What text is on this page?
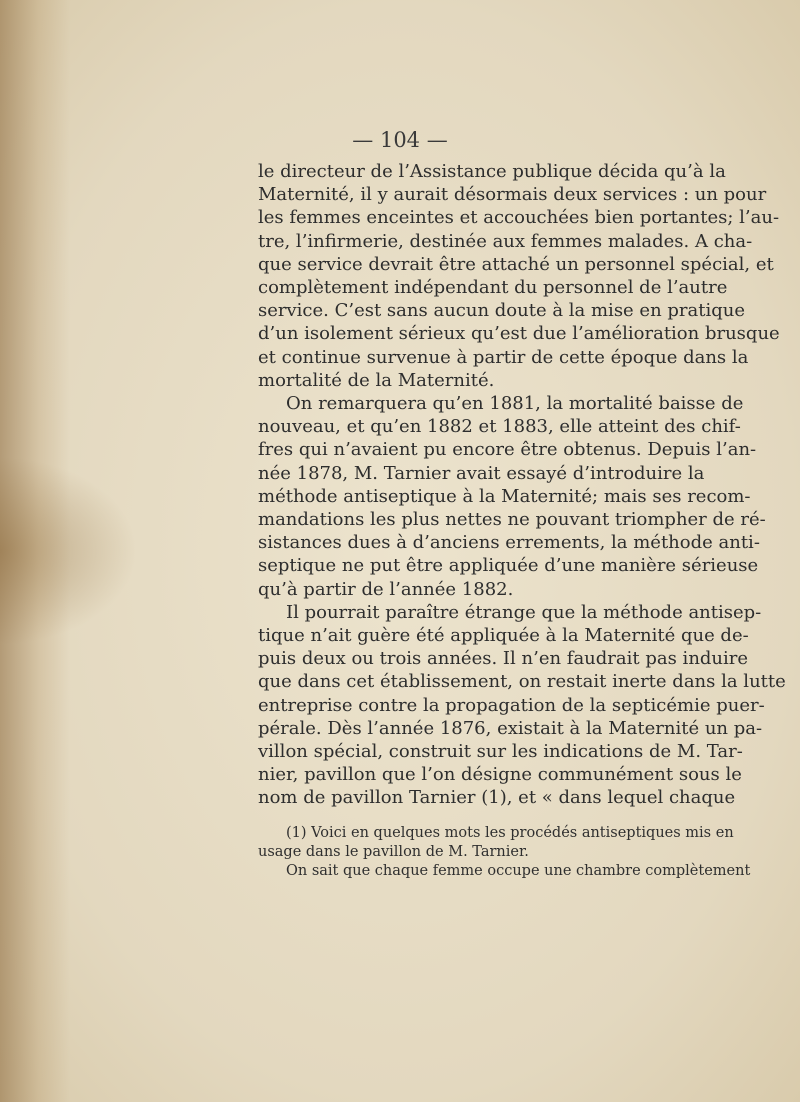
— 104 —

le directeur de l’Assistance publique décida qu’à la
Maternité, il y aurait désormais deux services : un pour
les femmes enceintes et accouchées bien portantes; l’au-
tre, l’infirmerie, destinée aux femmes malades. A cha-
que service devrait être attaché un personnel spécial, et
complètement indépendant du personnel de l’autre
service. C’est sans aucun doute à la mise en pratique
d’un isolement sérieux qu’est due l’amélioration brusque
et continue survenue à partir de cette époque dans la
mortalité de la Maternité.

On remarquera qu’en 1881, la mortalité baisse de
nouveau, et qu’en 1882 et 1883, elle atteint des chif-
fres qui n’avaient pu encore être obtenus. Depuis l’an-
née 1878, M. Tarnier avait essayé d’introduire la
méthode antiseptique à la Maternité; mais ses recom-
mandations les plus nettes ne pouvant triompher de ré-
sistances dues à d’anciens errements, la méthode anti-
septique ne put être appliquée d’une manière sérieuse
qu’à partir de l’année 1882.

Il pourrait paraître étrange que la méthode antisep-
tique n’ait guère été appliquée à la Maternité que de-
puis deux ou trois années. Il n’en faudrait pas induire
que dans cet établissement, on restait inerte dans la lutte
entreprise contre la propagation de la septicémie puer-
pérale. Dès l’année 1876, existait à la Maternité un pa-
villon spécial, construit sur les indications de M. Tar-
nier, pavillon que l’on désigne communément sous le
nom de pavillon Tarnier (1), et « dans lequel chaque

(1) Voici en quelques mots les procédés antiseptiques mis en
usage dans le pavillon de M. Tarnier.
On sait que chaque femme occupe une chambre complètement
